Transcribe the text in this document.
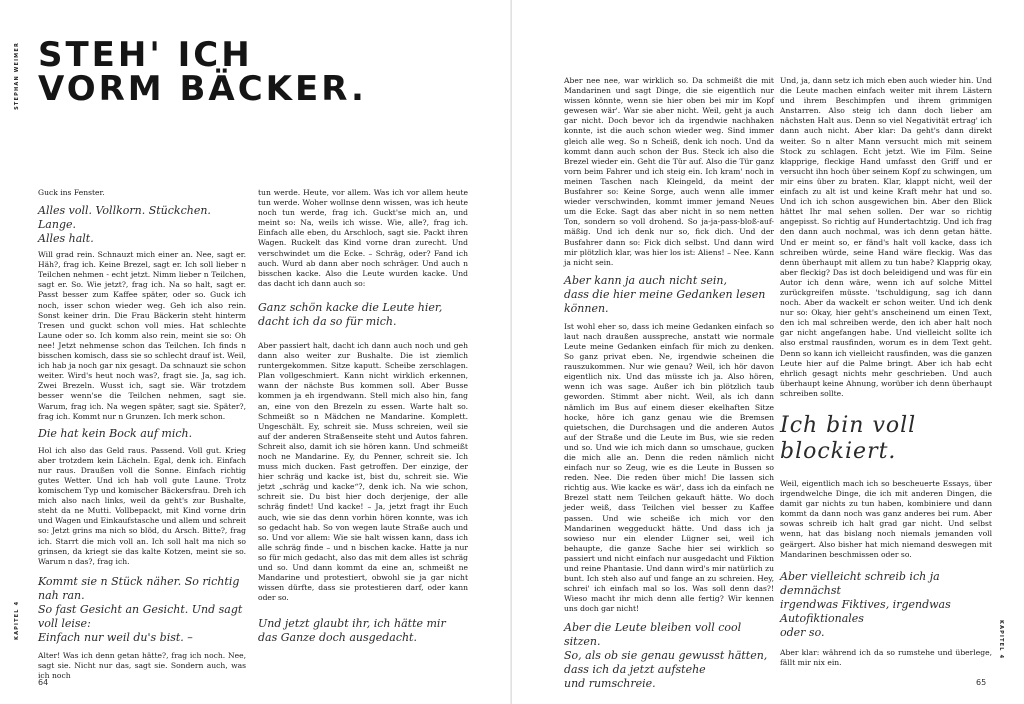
STEPHAN WEIMER STEH' ICH
VORM BÄCKER.

Guck ins Fenster.

Alles voll. Vollkorn. Stückchen. Lange.
Alles halt.

Will grad rein. Schnauzt mich einer an. Nee, sagt er. Häh?, frag ich. Keine Brezel, sagt er. Ich soll lieber n Teilchen nehmen - echt jetzt. Nimm lieber n Teilchen, sagt er. So. Wie jetzt?, frag ich. Na so halt, sagt er. Passt besser zum Kaffee später, oder so. Guck ich noch, isser schon wieder weg. Geh ich also rein. Sonst keiner drin. Die Frau Bäckerin steht hinterm Tresen und guckt schon voll mies. Hat schlechte Laune oder so. Ich komm also rein, meint sie so: Oh nee! Jetzt nehmense schon das Teilchen. Ich finds n bisschen komisch, dass sie so schlecht drauf ist. Weil, ich hab ja noch gar nix gesagt. Da schnauzt sie schon weiter. Wird's heut noch was?, fragt sie. Ja, sag ich. Zwei Brezeln. Wusst ich, sagt sie. Wär trotzdem besser wenn'se die Teilchen nehmen, sagt sie. Warum, frag ich. Na wegen später, sagt sie. Später?, frag ich. Kommt nur n Grunzen. Ich merk schon.

Die hat kein Bock auf mich.

Hol ich also das Geld raus. Passend. Voll gut. Krieg aber trotzdem kein Lächeln. Egal, denk ich. Einfach nur raus. Draußen voll die Sonne. Einfach richtig gutes Wetter. Und ich hab voll gute Laune. Trotz komischem Typ und komischer Bäckersfrau. Dreh ich mich also nach links, weil da geht's zur Bushalte, steht da ne Mutti. Vollbepackt, mit Kind vorne drin und Wagen und Einkaufstasche und allem und schreit so: Jetzt grins ma nich so blöd, du Arsch. Bitte?, frag ich. Starrt die mich voll an. Ich soll halt ma nich so grinsen, da kriegt sie das kalte Kotzen, meint sie so. Warum n das?, frag ich.

Kommt sie n Stück näher. So richtig nah ran.
So fast Gesicht an Gesicht. Und sagt voll leise:
Einfach nur weil du's bist. –

Alter! Was ich denn getan hätte?, frag ich noch. Nee, sagt sie. Nicht nur das, sagt sie. Sondern auch, was ich noch

tun werde. Heute, vor allem. Was ich vor allem heute tun werde. Woher wollnse denn wissen, was ich heute noch tun werde, frag ich. Guckt'se mich an, und meint so: Na, weils ich wisse. Wie, alle?, frag ich. Einfach alle eben, du Arschloch, sagt sie. Packt ihren Wagen. Ruckelt das Kind vorne dran zurecht. Und verschwindet um die Ecke. – Schräg, oder? Fand ich auch. Wurd ab dann aber noch schräger. Und auch n bisschen kacke. Also die Leute wurden kacke. Und das dacht ich dann auch so:

Ganz schön kacke die Leute hier,
dacht ich da so für mich.

Aber passiert halt, dacht ich dann auch noch und geh dann also weiter zur Bushalte. Die ist ziemlich runtergekommen. Sitze kaputt. Scheibe zerschlagen. Plan vollgeschmiert. Kann nicht wirklich erkennen, wann der nächste Bus kommen soll. Aber Busse kommen ja eh irgendwann. Stell mich also hin, fang an, eine von den Brezeln zu essen. Warte halt so. Schmeißt so n Mädchen ne Mandarine. Komplett. Ungeschält. Ey, schreit sie. Muss schreien, weil sie auf der anderen Straßenseite steht und Autos fahren. Schreit also, damit ich sie hören kann. Und schmeißt noch ne Mandarine. Ey, du Penner, schreit sie. Ich muss mich ducken. Fast getroffen. Der einzige, der hier schräg und kacke ist, bist du, schreit sie. Wie jetzt „schräg und kacke“?, denk ich. Na wie schon, schreit sie. Du bist hier doch derjenige, der alle schräg findet! Und kacke! – Ja, jetzt fragt ihr Euch auch, wie sie das denn vorhin hören konnte, was ich so gedacht hab. So von wegen laute Straße auch und so. Und vor allem: Wie sie halt wissen kann, dass ich alle schräg finde – und n bischen kacke. Hatte ja nur so für mich gedacht, also das mit dem alles ist schräg und so. Und dann kommt da eine an, schmeißt ne Mandarine und protestiert, obwohl sie ja gar nicht wissen dürfte, dass sie protestieren darf, oder kann oder so.

Und jetzt glaubt ihr, ich hätte mir
das Ganze doch ausgedacht.

KAPITEL 4
64

Aber nee nee, war wirklich so. Da schmeißt die mit Mandarinen und sagt Dinge, die sie eigentlich nur wissen könnte, wenn sie hier oben bei mir im Kopf gewesen wär'. War sie aber nicht. Weil, geht ja auch gar nicht. Doch bevor ich da irgendwie nachhaken konnte, ist die auch schon wieder weg. Sind immer gleich alle weg. So n Scheiß, denk ich noch. Und da kommt dann auch schon der Bus. Steck ich also die Brezel wieder ein. Geht die Tür auf. Also die Tür ganz vorn beim Fahrer und ich steig ein. Ich kram' noch in meinen Taschen nach Kleingeld, da meint der Busfahrer so: Keine Sorge, auch wenn alle immer wieder verschwinden, kommt immer jemand Neues um die Ecke. Sagt das aber nicht in so nem netten Ton, sondern so voll drohend. So ja-ja-pass-bloß-auf-mäßig. Und ich denk nur so, fick dich. Und der Busfahrer dann so: Fick dich selbst. Und dann wird mir plötzlich klar, was hier los ist: Aliens! – Nee. Kann ja nicht sein.

Aber kann ja auch nicht sein,
dass die hier meine Gedanken lesen können.

Ist wohl eher so, dass ich meine Gedanken einfach so laut nach draußen ausspreche, anstatt wie normale Leute meine Gedanken einfach für mich zu denken. So ganz privat eben. Ne, irgendwie scheinen die rauszukommen. Nur wie genau? Weil, ich hör davon eigentlich nix. Und das müsste ich ja. Also hören, wenn ich was sage. Außer ich bin plötzlich taub geworden. Stimmt aber nicht. Weil, als ich dann nämlich im Bus auf einem dieser ekelhaften Sitze hocke, höre ich ganz genau wie die Bremsen quietschen, die Durchsagen und die anderen Autos auf der Straße und die Leute im Bus, wie sie reden und so. Und wie ich mich dann so umschaue, gucken die mich alle an. Denn die reden nämlich nicht einfach nur so Zeug, wie es die Leute in Bussen so reden. Nee. Die reden über mich! Die lassen sich richtig aus. Wie kacke es wär', dass ich da einfach ne Brezel statt nem Teilchen gekauft hätte. Wo doch jeder weiß, dass Teilchen viel besser zu Kaffee passen. Und wie scheiße ich mich vor den Mandarinen weggeduckt hätte. Und dass ich ja sowieso nur ein elender Lügner sei, weil ich behaupte, die ganze Sache hier sei wirklich so passiert und nicht einfach nur ausgedacht und Fiktion und reine Phantasie. Und dann wird's mir natürlich zu bunt. Ich steh also auf und fange an zu schreien. Hey, schrei' ich einfach mal so los. Was soll denn das?! Wieso macht ihr mich denn alle fertig? Wir kennen uns doch gar nicht!

Aber die Leute bleiben voll cool sitzen.
So, als ob sie genau gewusst hätten,
dass ich da jetzt aufstehe
und rumschreie.

Und, ja, dann setz ich mich eben auch wieder hin. Und die Leute machen einfach weiter mit ihrem Lästern und ihrem Beschimpfen und ihrem grimmigen Anstarren. Also steig ich dann doch lieber am nächsten Halt aus. Denn so viel Negativität ertrag' ich dann auch nicht. Aber klar: Da geht's dann direkt weiter. So n alter Mann versucht mich mit seinem Stock zu schlagen. Echt jetzt. Wie im Film. Seine klapprige, fleckige Hand umfasst den Griff und er versucht ihn hoch über seinem Kopf zu schwingen, um mir eins über zu braten. Klar, klappt nicht, weil der einfach zu alt ist und keine Kraft mehr hat und so. Und ich ich schon ausgewichen bin. Aber den Blick hättet Ihr mal sehen sollen. Der war so richtig angepisst. So richtig auf Hundertachtzig. Und ich frag den dann auch nochmal, was ich denn getan hätte. Und er meint so, er fänd's halt voll kacke, dass ich schreiben würde, seine Hand wäre fleckig. Was das denn überhaupt mit allem zu tun habe? Klapprig okay, aber fleckig? Das ist doch beleidigend und was für ein Autor ich denn wäre, wenn ich auf solche Mittel zurückgreifen müsste. 'tschuldigung, sag ich dann noch. Aber da wackelt er schon weiter. Und ich denk nur so: Okay, hier geht's anscheinend um einen Text, den ich mal schreiben werde, den ich aber halt noch gar nicht angefangen habe. Und vielleicht sollte ich also erstmal rausfinden, worum es in dem Text geht. Denn so kann ich vielleicht rausfinden, was die ganzen Leute hier auf die Palme bringt. Aber ich hab echt ehrlich gesagt nichts mehr geschrieben. Und auch überhaupt keine Ahnung, worüber ich denn überhaupt schreiben sollte.

Ich bin voll blockiert.

Weil, eigentlich mach ich so bescheuerte Essays, über irgendwelche Dinge, die ich mit anderen Dingen, die damit gar nichts zu tun haben, kombiniere und dann kommt da dann noch was ganz anderes bei rum. Aber sowas schreib ich halt grad gar nicht. Und selbst wenn, hat das bislang noch niemals jemanden voll geärgert. Also bisher hat mich niemand deswegen mit Mandarinen beschmissen oder so.

Aber vielleicht schreib ich ja demnächst
irgendwas Fiktives, irgendwas Autofiktionales
oder so.

Aber klar: während ich da so rumstehe und überlege, fällt mir nix ein.

KAPITEL 4
65
